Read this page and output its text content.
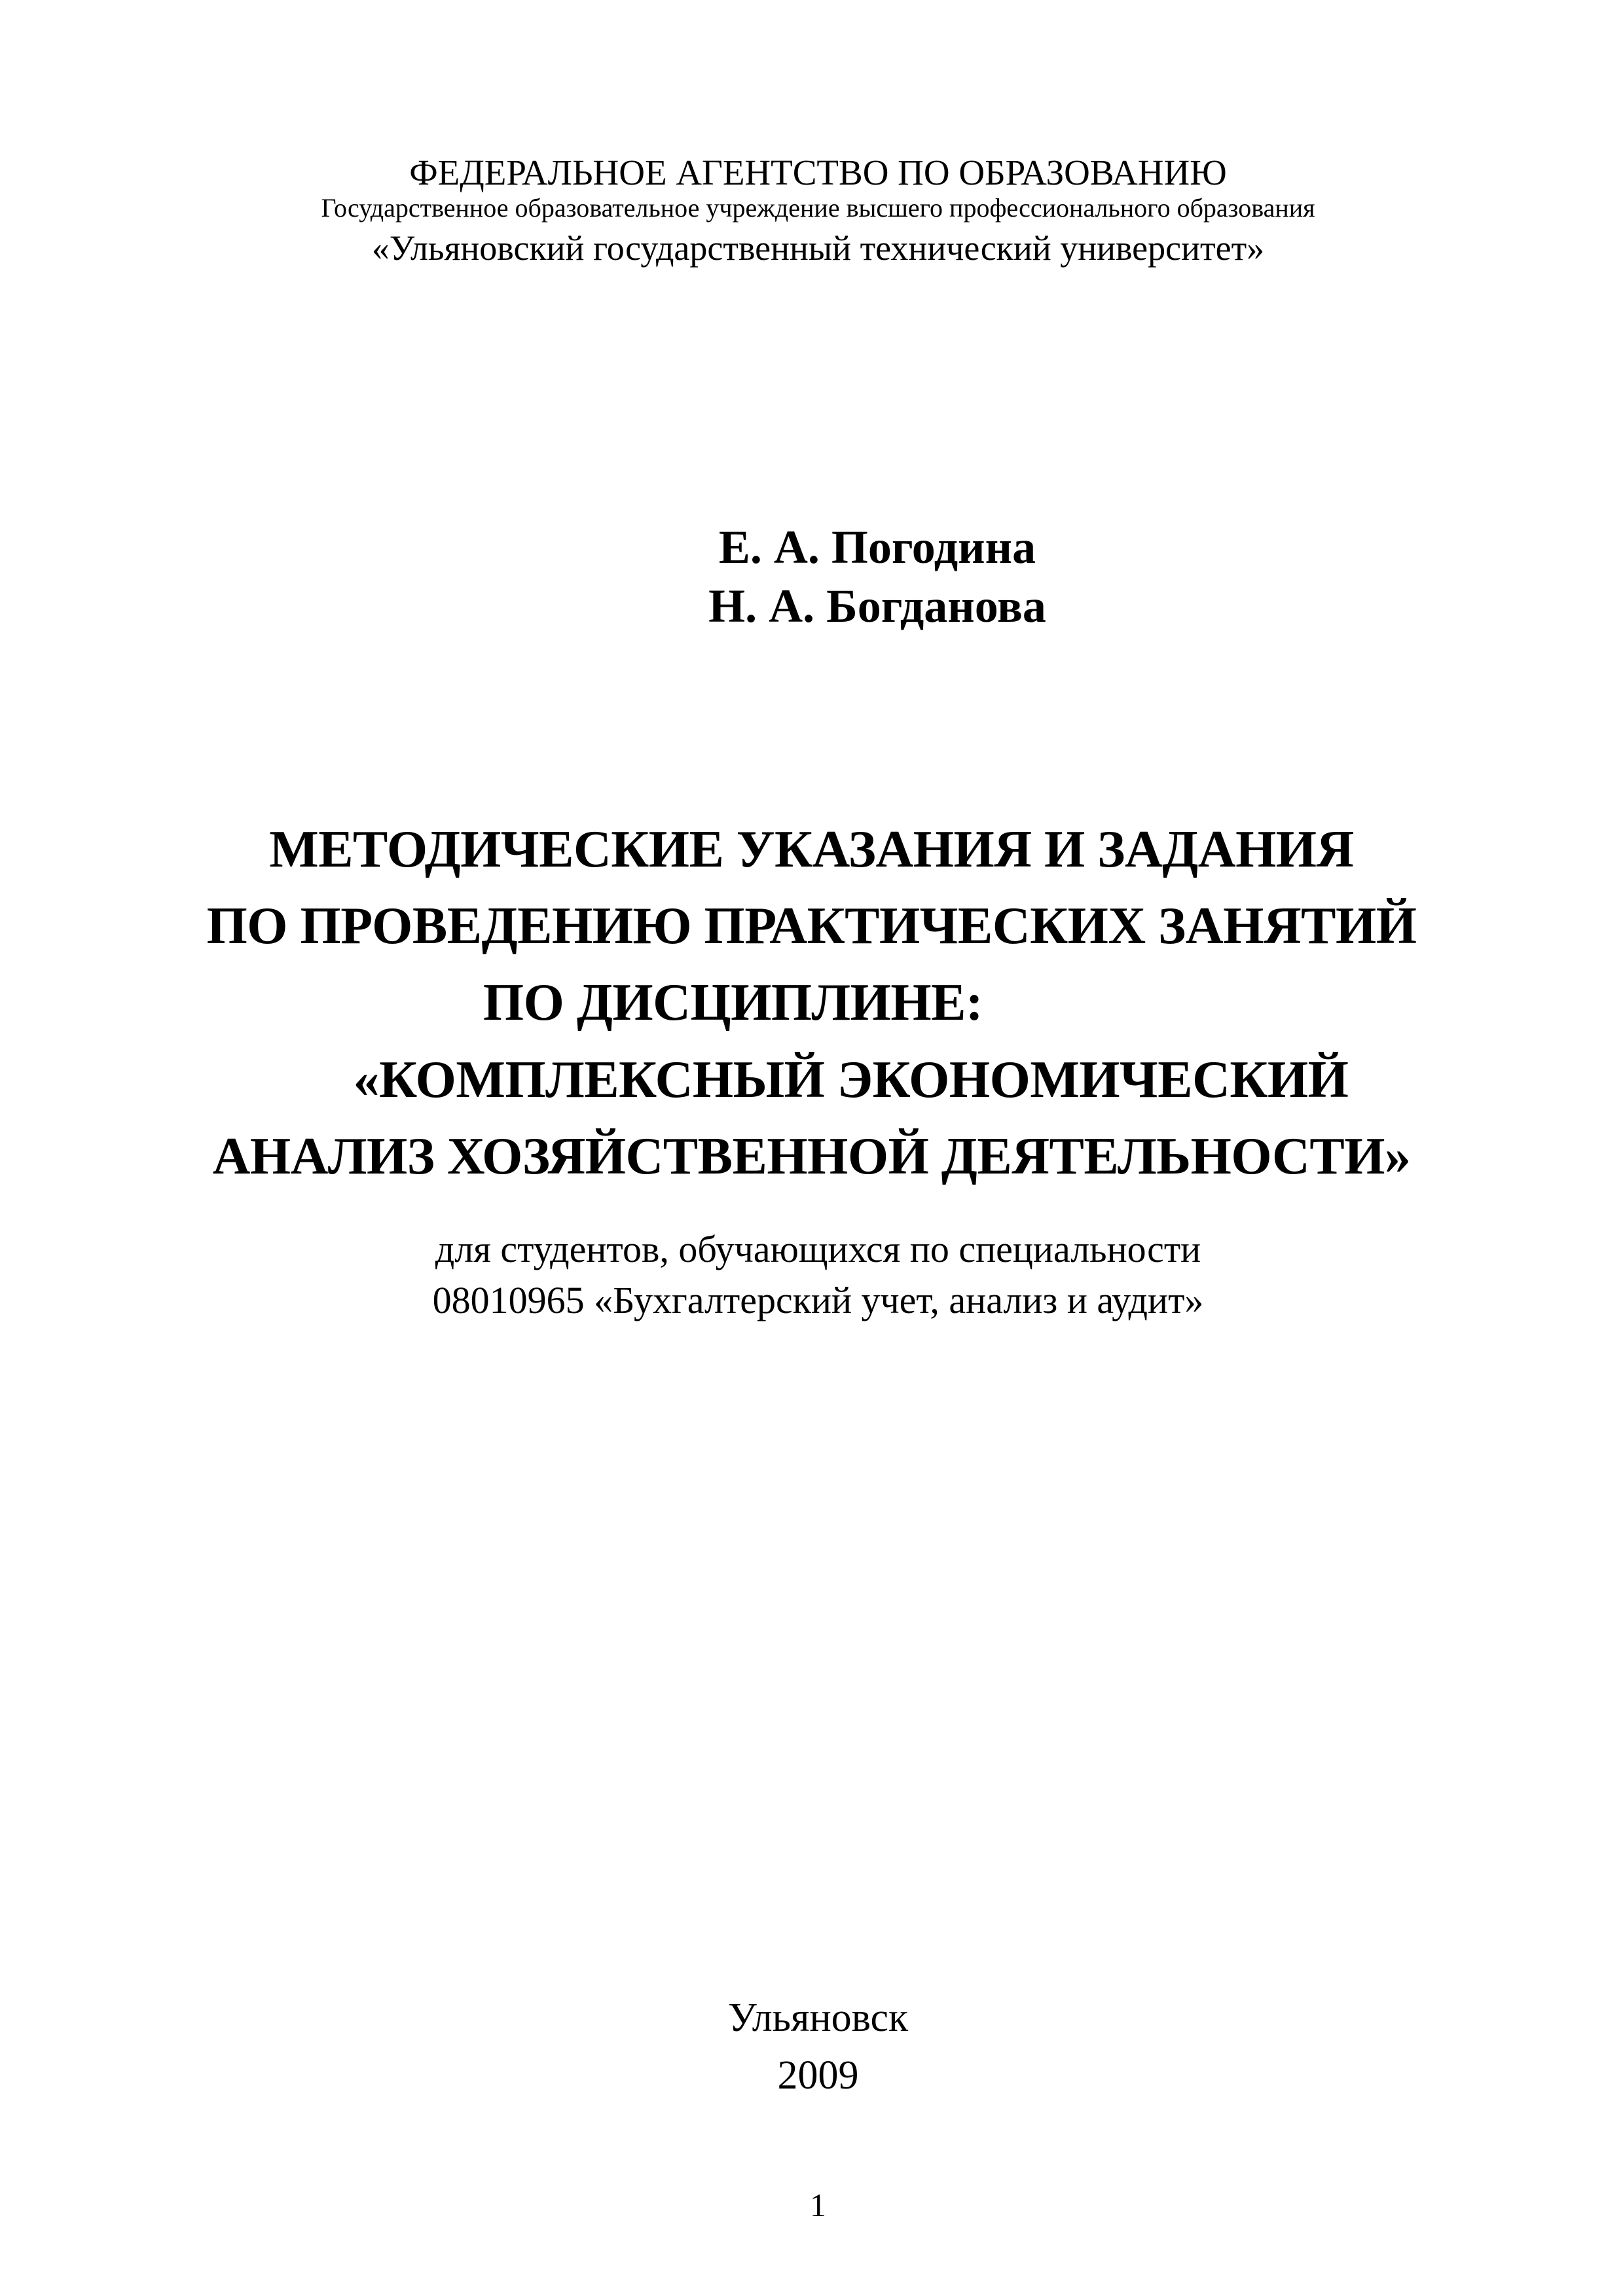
ФЕДЕРАЛЬНОЕ АГЕНТСТВО ПО ОБРАЗОВАНИЮ
Государственное образовательное учреждение высшего профессионального образования
«Ульяновский государственный технический университет»
Е. А. Погодина
Н. А. Богданова
МЕТОДИЧЕСКИЕ УКАЗАНИЯ И ЗАДАНИЯ
ПО ПРОВЕДЕНИЮ ПРАКТИЧЕСКИХ ЗАНЯТИЙ
ПО ДИСЦИПЛИНЕ:
«КОМПЛЕКСНЫЙ ЭКОНОМИЧЕСКИЙ
АНАЛИЗ ХОЗЯЙСТВЕННОЙ ДЕЯТЕЛЬНОСТИ»
для студентов, обучающихся по специальности
08010965 «Бухгалтерский учет, анализ и аудит»
Ульяновск
2009
1
